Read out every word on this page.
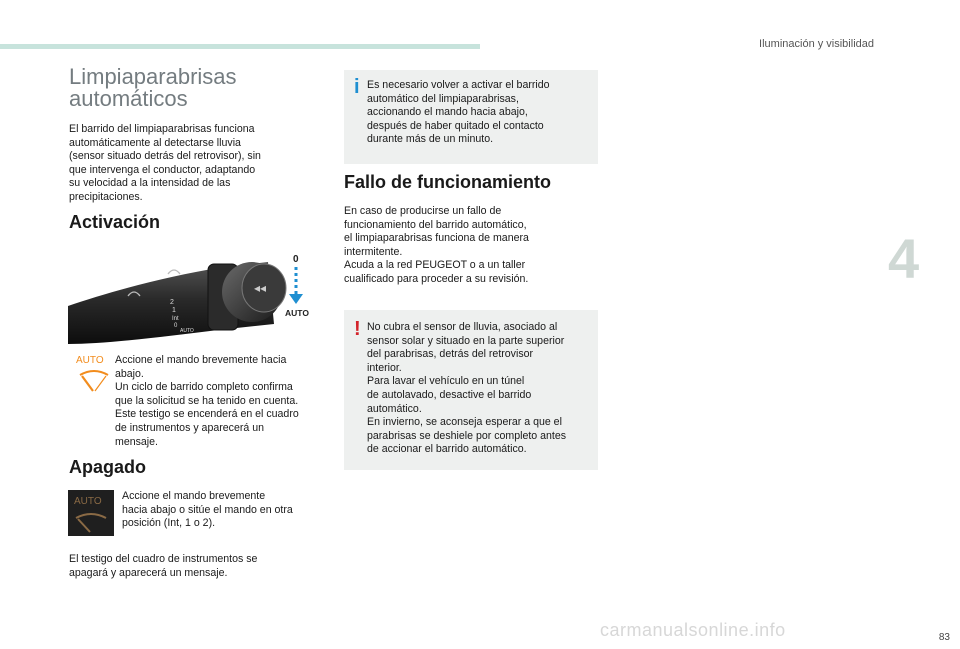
Iluminación y visibilidad
4
83
Limpiaparabrisas
automáticos
El barrido del limpiaparabrisas funciona
automáticamente al detectarse lluvia
(sensor situado detrás del retrovisor), sin
que intervenga el conductor, adaptando
su velocidad a la intensidad de las
precipitaciones.
Activación
◂◂
2
1
Int
0
AUTO
0
AUTO
AUTO Accione el mando brevemente hacia
abajo.
Un ciclo de barrido completo confirma
que la solicitud se ha tenido en cuenta.
Este testigo se encenderá en el cuadro
de instrumentos y aparecerá un
mensaje.
Apagado
AUTO Accione el mando brevemente
hacia abajo o sitúe el mando en otra
posición (Int, 1 o 2).
El testigo del cuadro de instrumentos se
apagará y aparecerá un mensaje.
i Es necesario volver a activar el barrido
automático del limpiaparabrisas,
accionando el mando hacia abajo,
después de haber quitado el contacto
durante más de un minuto.
Fallo de funcionamiento
En caso de producirse un fallo de
funcionamiento del barrido automático,
el limpiaparabrisas funciona de manera
intermitente.
Acuda a la red PEUGEOT o a un taller
cualificado para proceder a su revisión.
! No cubra el sensor de lluvia, asociado al
sensor solar y situado en la parte superior
del parabrisas, detrás del retrovisor
interior.
Para lavar el vehículo en un túnel
de autolavado, desactive el barrido
automático.
En invierno, se aconseja esperar a que el
parabrisas se deshiele por completo antes
de accionar el barrido automático.
carmanualsonline.info
